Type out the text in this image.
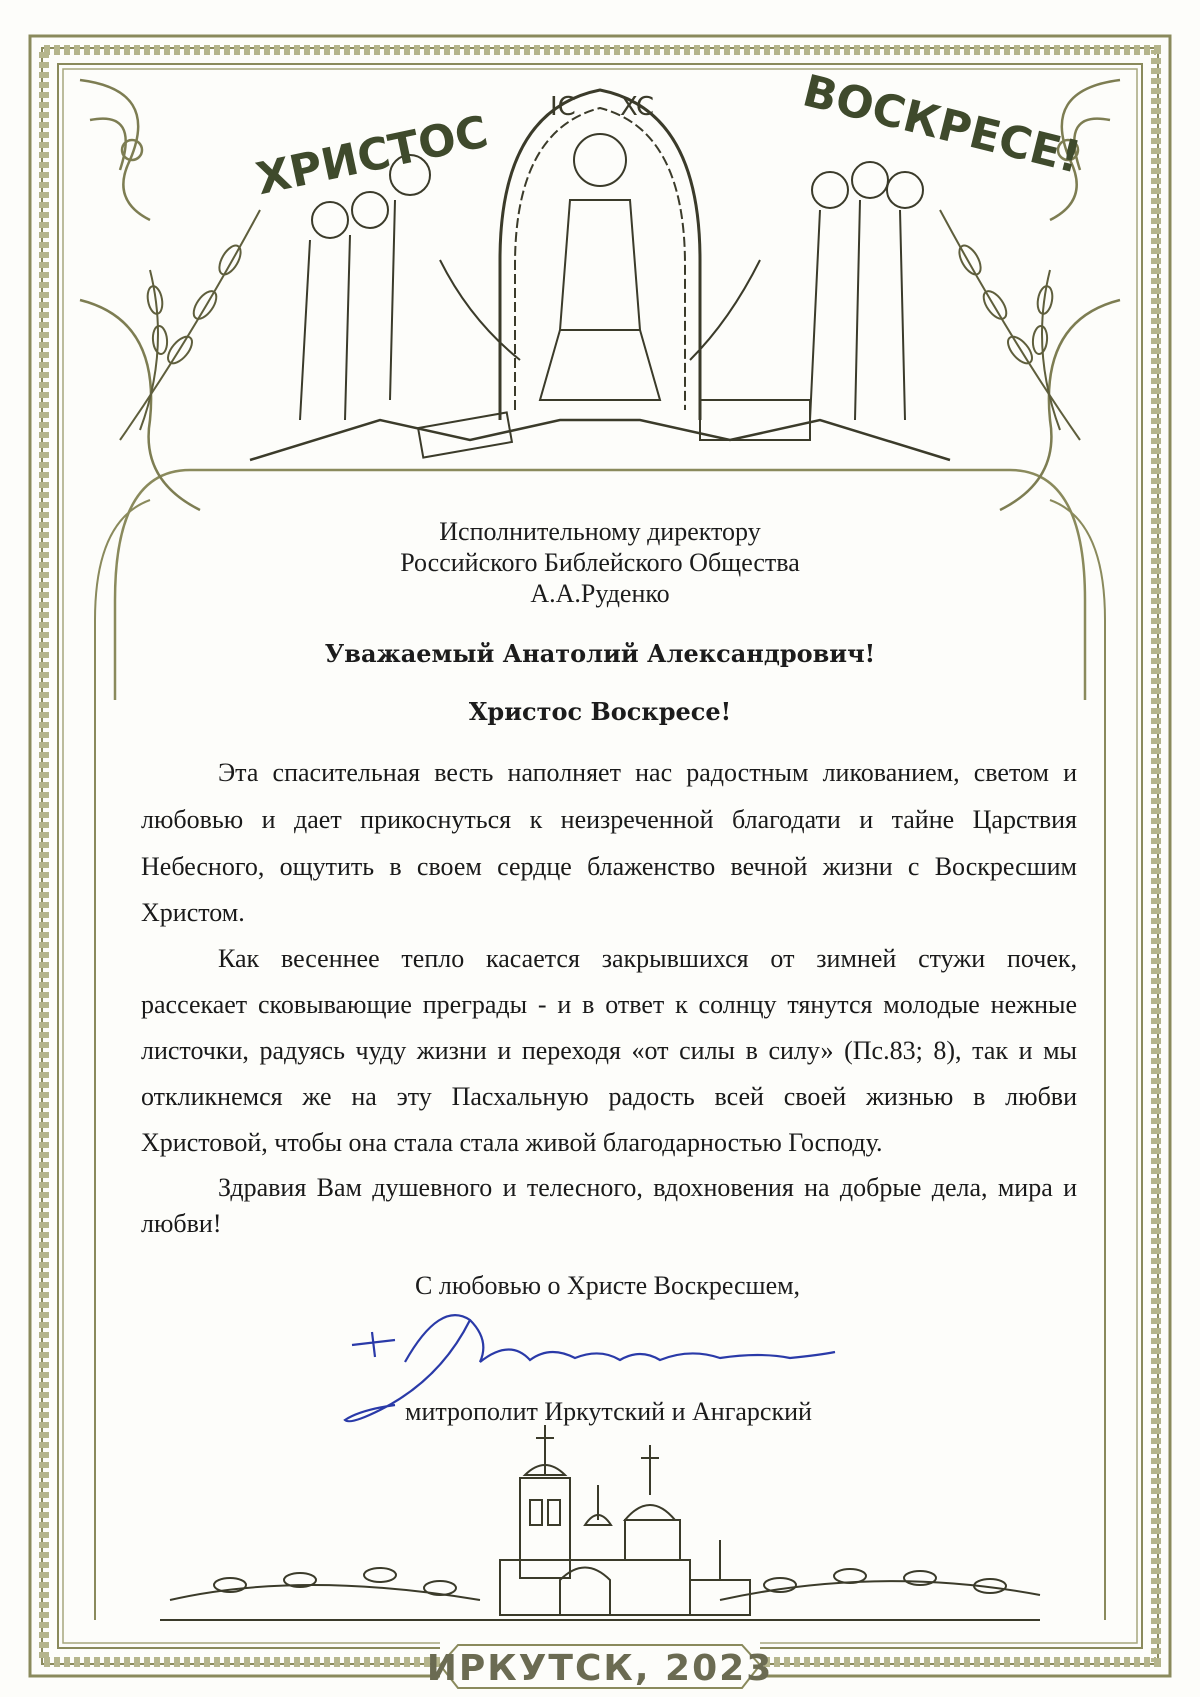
ХРИСТОС	ВОСКРЕСЕ!
IC XC
ИРКУТСК, 2023
Исполнительному директору
Российского Библейского Общества
А.А.Руденко
Уважаемый Анатолий Александрович!
Христос Воскресе!
Эта спасительная весть наполняет нас радостным ликованием, светом и
любовью и дает прикоснуться к неизреченной благодати и тайне Царствия
Небесного, ощутить в своем сердце блаженство вечной жизни с Воскресшим
Христом.
Как весеннее тепло касается закрывшихся от зимней стужи почек,
рассекает сковывающие преграды - и в ответ к солнцу тянутся молодые нежные
листочки, радуясь чуду жизни и переходя «от силы в силу» (Пс.83; 8), так и мы
откликнемся же на эту Пасхальную радость всей своей жизнью в любви
Христовой, чтобы она стала стала живой благодарностью Господу.
Здравия Вам душевного и телесного, вдохновения на добрые дела, мира и
любви!
С любовью о Христе Воскресшем,
митрополит Иркутский и Ангарский
